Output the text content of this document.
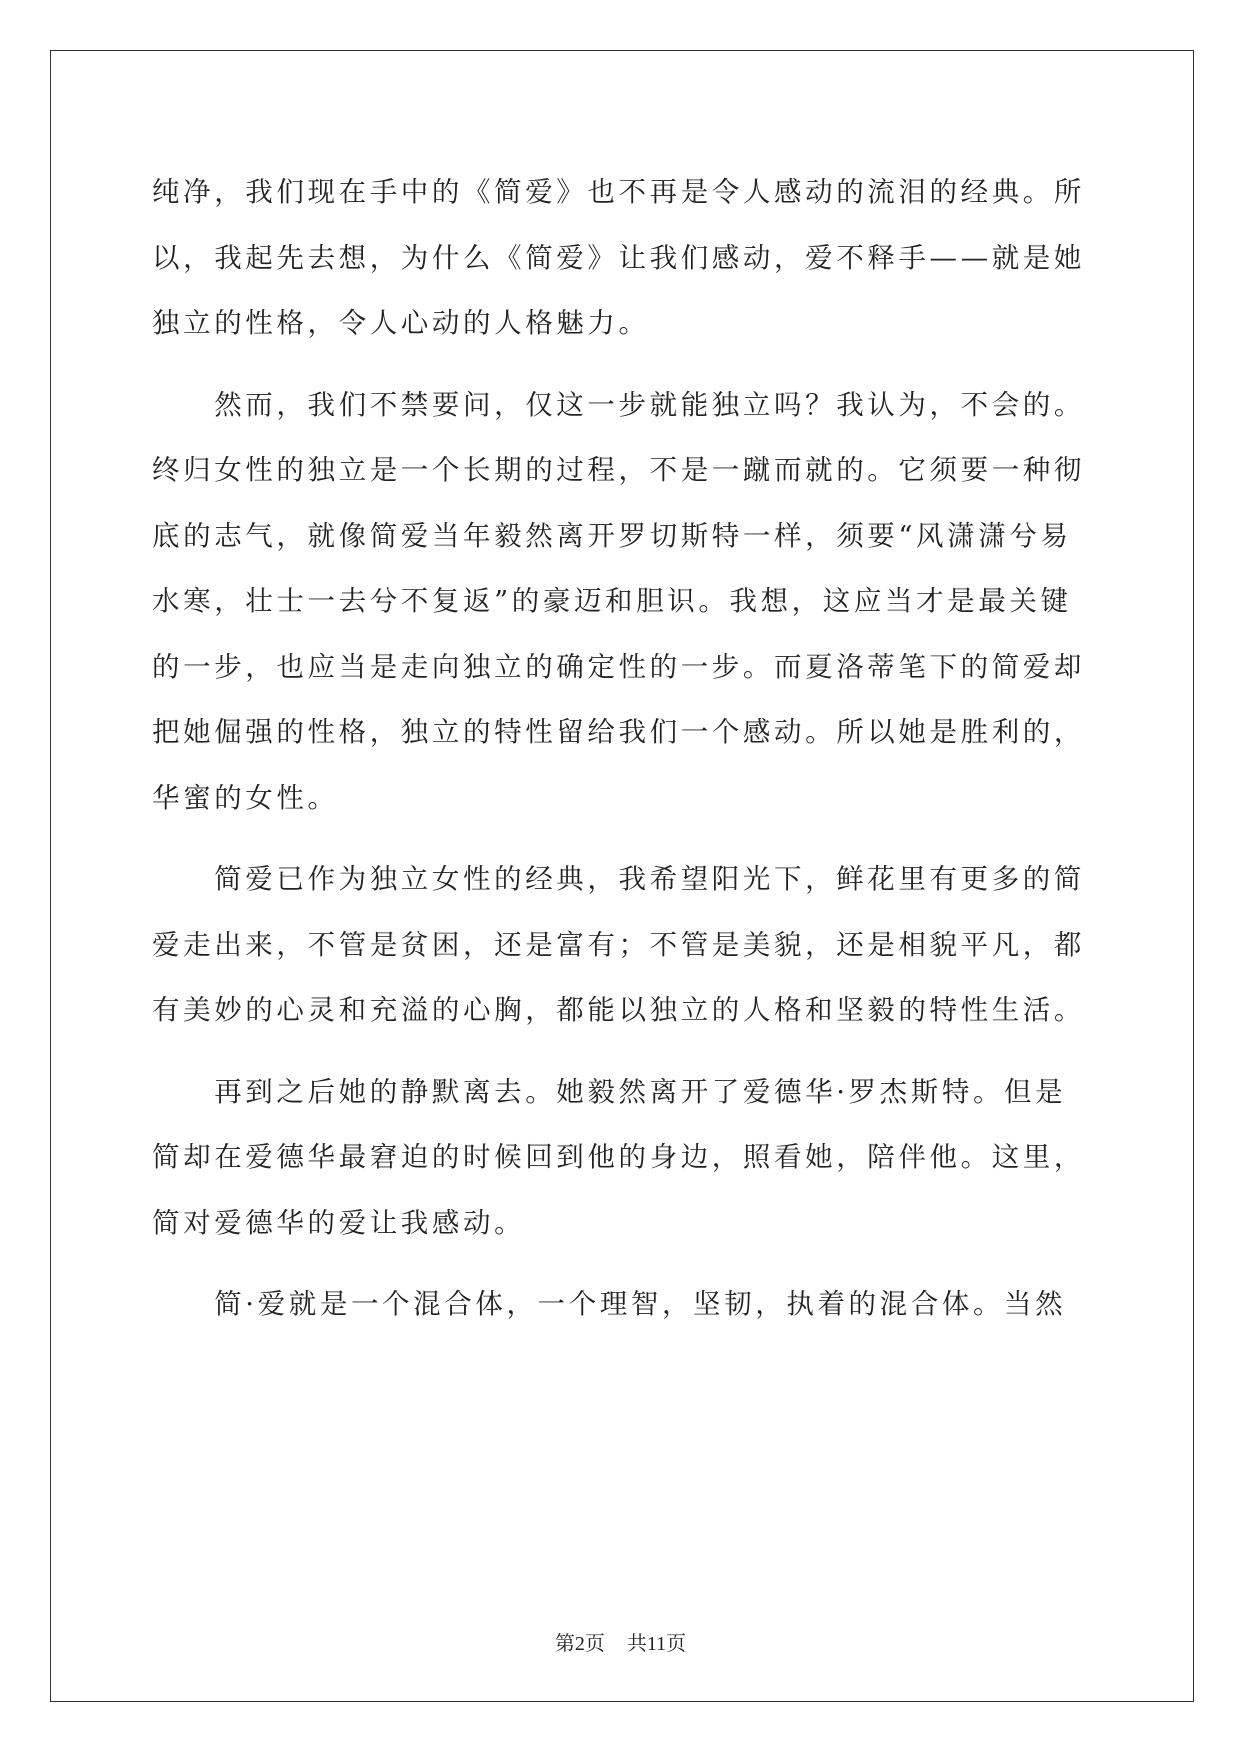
纯净，我们现在手中的《简爱》也不再是令人感动的流泪的经典。所
以，我起先去想，为什么《简爱》让我们感动，爱不释手——就是她
独立的性格，令人心动的人格魅力。
　　然而，我们不禁要问，仅这一步就能独立吗？我认为，不会的。
终归女性的独立是一个长期的过程，不是一蹴而就的。它须要一种彻
底的志气，就像简爱当年毅然离开罗切斯特一样，须要“风潇潇兮易
水寒，壮士一去兮不复返”的豪迈和胆识。我想，这应当才是最关键
的一步，也应当是走向独立的确定性的一步。而夏洛蒂笔下的简爱却
把她倔强的性格，独立的特性留给我们一个感动。所以她是胜利的，
华蜜的女性。
　　简爱已作为独立女性的经典，我希望阳光下，鲜花里有更多的简
爱走出来，不管是贫困，还是富有；不管是美貌，还是相貌平凡，都
有美妙的心灵和充溢的心胸，都能以独立的人格和坚毅的特性生活。
　　再到之后她的静默离去。她毅然离开了爱德华·罗杰斯特。但是
简却在爱德华最窘迫的时候回到他的身边，照看她，陪伴他。这里，
简对爱德华的爱让我感动。
　　简·爱就是一个混合体，一个理智，坚韧，执着的混合体。当然
第2页 共11页
